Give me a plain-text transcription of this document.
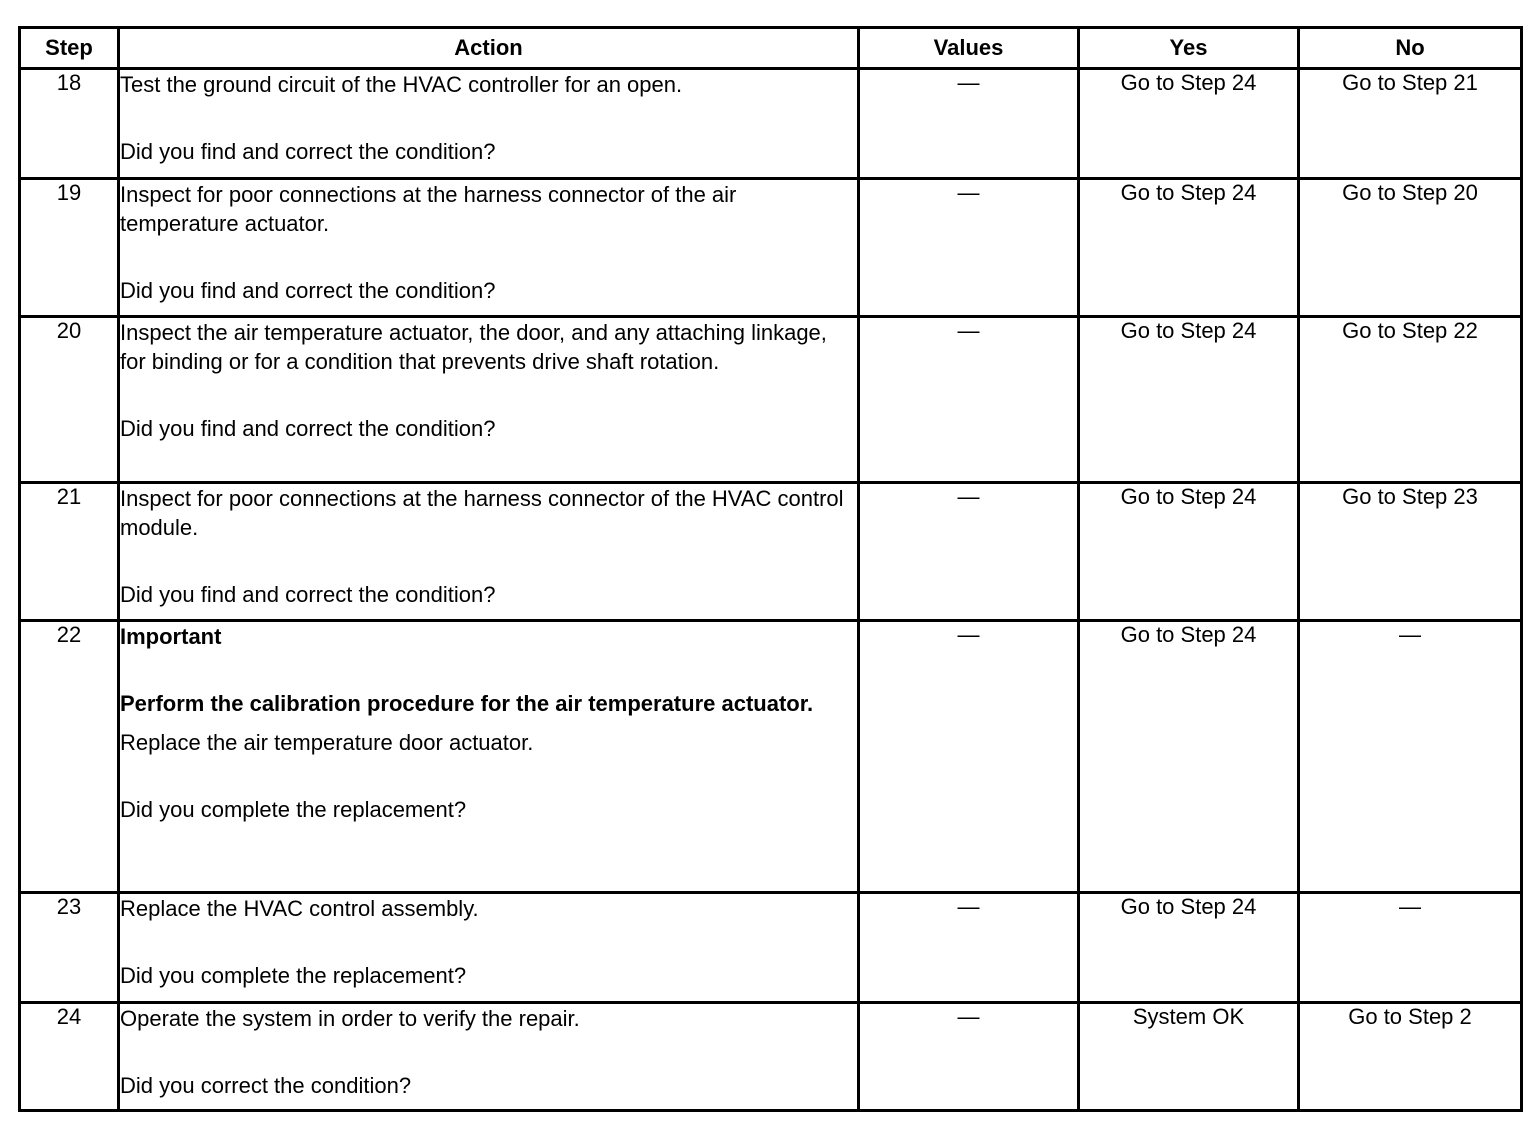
Step	Action	Values	Yes	No
18	Test the ground circuit of the HVAC controller for an open.
Did you find and correct the condition?	—	Go to Step 24	Go to Step 21
19	Inspect for poor connections at the harness connector of the air temperature actuator.
Did you find and correct the condition?	—	Go to Step 24	Go to Step 20
20	Inspect the air temperature actuator, the door, and any attaching linkage, for binding or for a condition that prevents drive shaft rotation.
Did you find and correct the condition?	—	Go to Step 24	Go to Step 22
21	Inspect for poor connections at the harness connector of the HVAC control module.
Did you find and correct the condition?	—	Go to Step 24	Go to Step 23
22	Important
Perform the calibration procedure for the air temperature actuator.
Replace the air temperature door actuator.
Did you complete the replacement?	—	Go to Step 24	—
23	Replace the HVAC control assembly.
Did you complete the replacement?	—	Go to Step 24	—
24	Operate the system in order to verify the repair.
Did you correct the condition?	—	System OK	Go to Step 2
